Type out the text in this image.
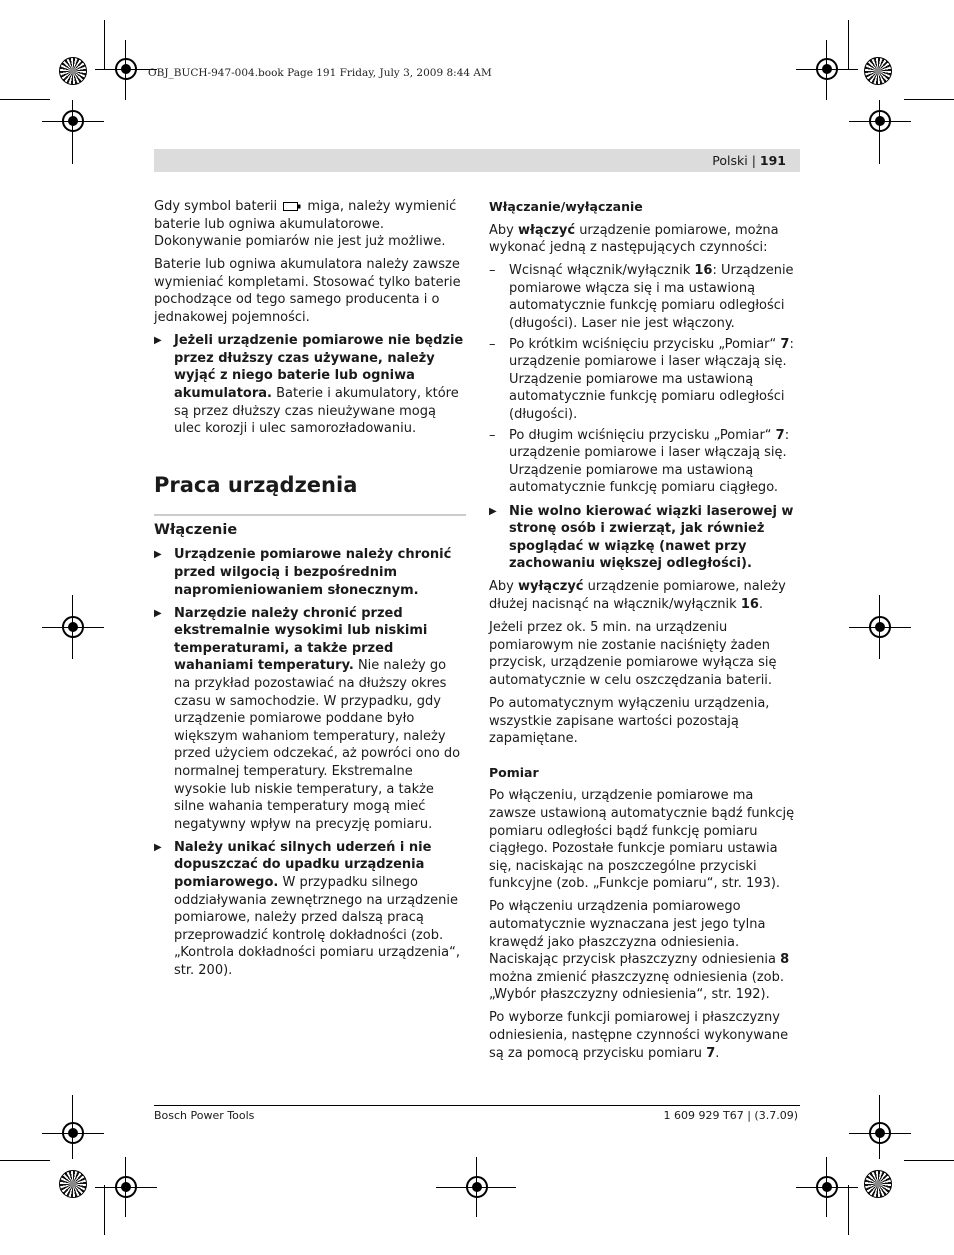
OBJ_BUCH-947-004.book Page 191 Friday, July 3, 2009 8:44 AM
Polski | 191

Gdy symbol baterii miga, należy wymienić baterie lub ogniwa akumulatorowe. Dokonywanie pomiarów nie jest już możliwe.

Baterie lub ogniwa akumulatora należy zawsze wymieniać kompletami. Stosować tylko baterie pochodzące od tego samego producenta i o jednakowej pojemności.

▶ Jeżeli urządzenie pomiarowe nie będzie przez dłuższy czas używane, należy wyjąć z niego baterie lub ogniwa akumulatora. Baterie i akumulatory, które są przez dłuższy czas nieużywane mogą ulec korozji i ulec samorozładowaniu.
Praca urządzenia
Włączenie
▶ Urządzenie pomiarowe należy chronić przed wilgocią i bezpośrednim napromieniowaniem słonecznym.
▶ Narzędzie należy chronić przed ekstremalnie wysokimi lub niskimi temperaturami, a także przed wahaniami temperatury. Nie należy go na przykład pozostawiać na dłuższy okres czasu w samochodzie. W przypadku, gdy urządzenie pomiarowe poddane było większym wahaniom temperatury, należy przed użyciem odczekać, aż powróci ono do normalnej temperatury. Ekstremalne wysokie lub niskie temperatury, a także silne wahania temperatury mogą mieć negatywny wpływ na precyzję pomiaru.
▶ Należy unikać silnych uderzeń i nie dopuszczać do upadku urządzenia pomiarowego. W przypadku silnego oddziaływania zewnętrznego na urządzenie pomiarowe, należy przed dalszą pracą przeprowadzić kontrolę dokładności (zob. „Kontrola dokładności pomiaru urządzenia“, str. 200).
Włączanie/wyłączanie

Aby włączyć urządzenie pomiarowe, można wykonać jedną z następujących czynności:

– Wcisnąć włącznik/wyłącznik 16: Urządzenie pomiarowe włącza się i ma ustawioną automatycznie funkcję pomiaru odległości (długości). Laser nie jest włączony.
– Po krótkim wciśnięciu przycisku „Pomiar“ 7: urządzenie pomiarowe i laser włączają się. Urządzenie pomiarowe ma ustawioną automatycznie funkcję pomiaru odległości (długości).
– Po długim wciśnięciu przycisku „Pomiar“ 7: urządzenie pomiarowe i laser włączają się. Urządzenie pomiarowe ma ustawioną automatycznie funkcję pomiaru ciągłego.
▶ Nie wolno kierować wiązki laserowej w stronę osób i zwierząt, jak również spoglądać w wiązkę (nawet przy zachowaniu większej odległości).

Aby wyłączyć urządzenie pomiarowe, należy dłużej nacisnąć na włącznik/wyłącznik 16.

Jeżeli przez ok. 5 min. na urządzeniu pomiarowym nie zostanie naciśnięty żaden przycisk, urządzenie pomiarowe wyłącza się automatycznie w celu oszczędzania baterii.

Po automatycznym wyłączeniu urządzenia, wszystkie zapisane wartości pozostają zapamiętane.

Pomiar

Po włączeniu, urządzenie pomiarowe ma zawsze ustawioną automatycznie bądź funkcję pomiaru odległości bądź funkcję pomiaru ciągłego. Pozostałe funkcje pomiaru ustawia się, naciskając na poszczególne przyciski funkcyjne (zob. „Funkcje pomiaru“, str. 193).

Po włączeniu urządzenia pomiarowego automatycznie wyznaczana jest jego tylna krawędź jako płaszczyzna odniesienia. Naciskając przycisk płaszczyzny odniesienia 8 można zmienić płaszczyznę odniesienia (zob. „Wybór płaszczyzny odniesienia“, str. 192).

Po wyborze funkcji pomiarowej i płaszczyzny odniesienia, następne czynności wykonywane są za pomocą przycisku pomiaru 7.

Bosch Power Tools	1 609 929 T67 | (3.7.09)
